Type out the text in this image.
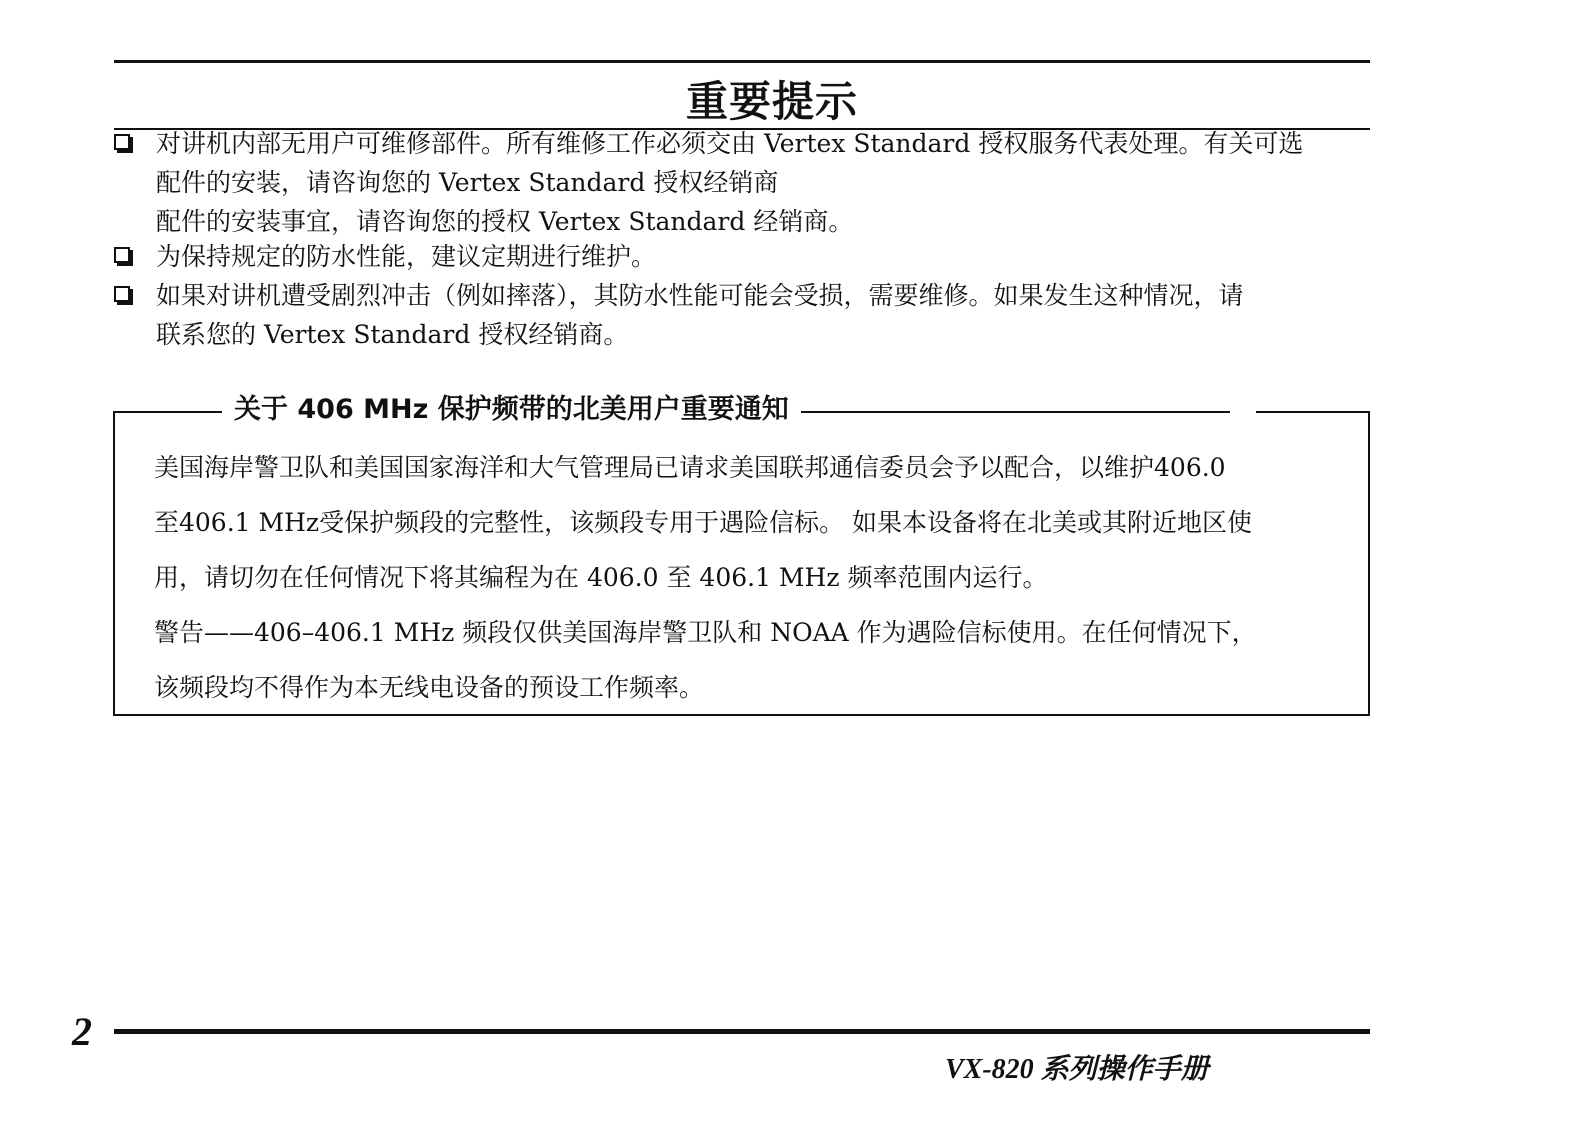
重要提示
对讲机内部无用户可维修部件。所有维修工作必须交由 Vertex Standard 授权服务代表处理。有关可选
配件的安装，请咨询您的 Vertex Standard 授权经销商
配件的安装事宜，请咨询您的授权 Vertex Standard 经销商。
为保持规定的防水性能，建议定期进行维护。
如果对讲机遭受剧烈冲击（例如摔落），其防水性能可能会受损，需要维修。如果发生这种情况，请
联系您的 Vertex Standard 授权经销商。
关于 406 MHz 保护频带的北美用户重要通知
美国海岸警卫队和美国国家海洋和大气管理局已请求美国联邦通信委员会予以配合，以维护406.0
至406.1 MHz受保护频段的完整性，该频段专用于遇险信标。 如果本设备将在北美或其附近地区使
用，请切勿在任何情况下将其编程为在 406.0 至 406.1 MHz 频率范围内运行。
警告——406–406.1 MHz 频段仅供美国海岸警卫队和 NOAA 作为遇险信标使用。在任何情况下，
该频段均不得作为本无线电设备的预设工作频率。
2
VX-820 系列操作手册
